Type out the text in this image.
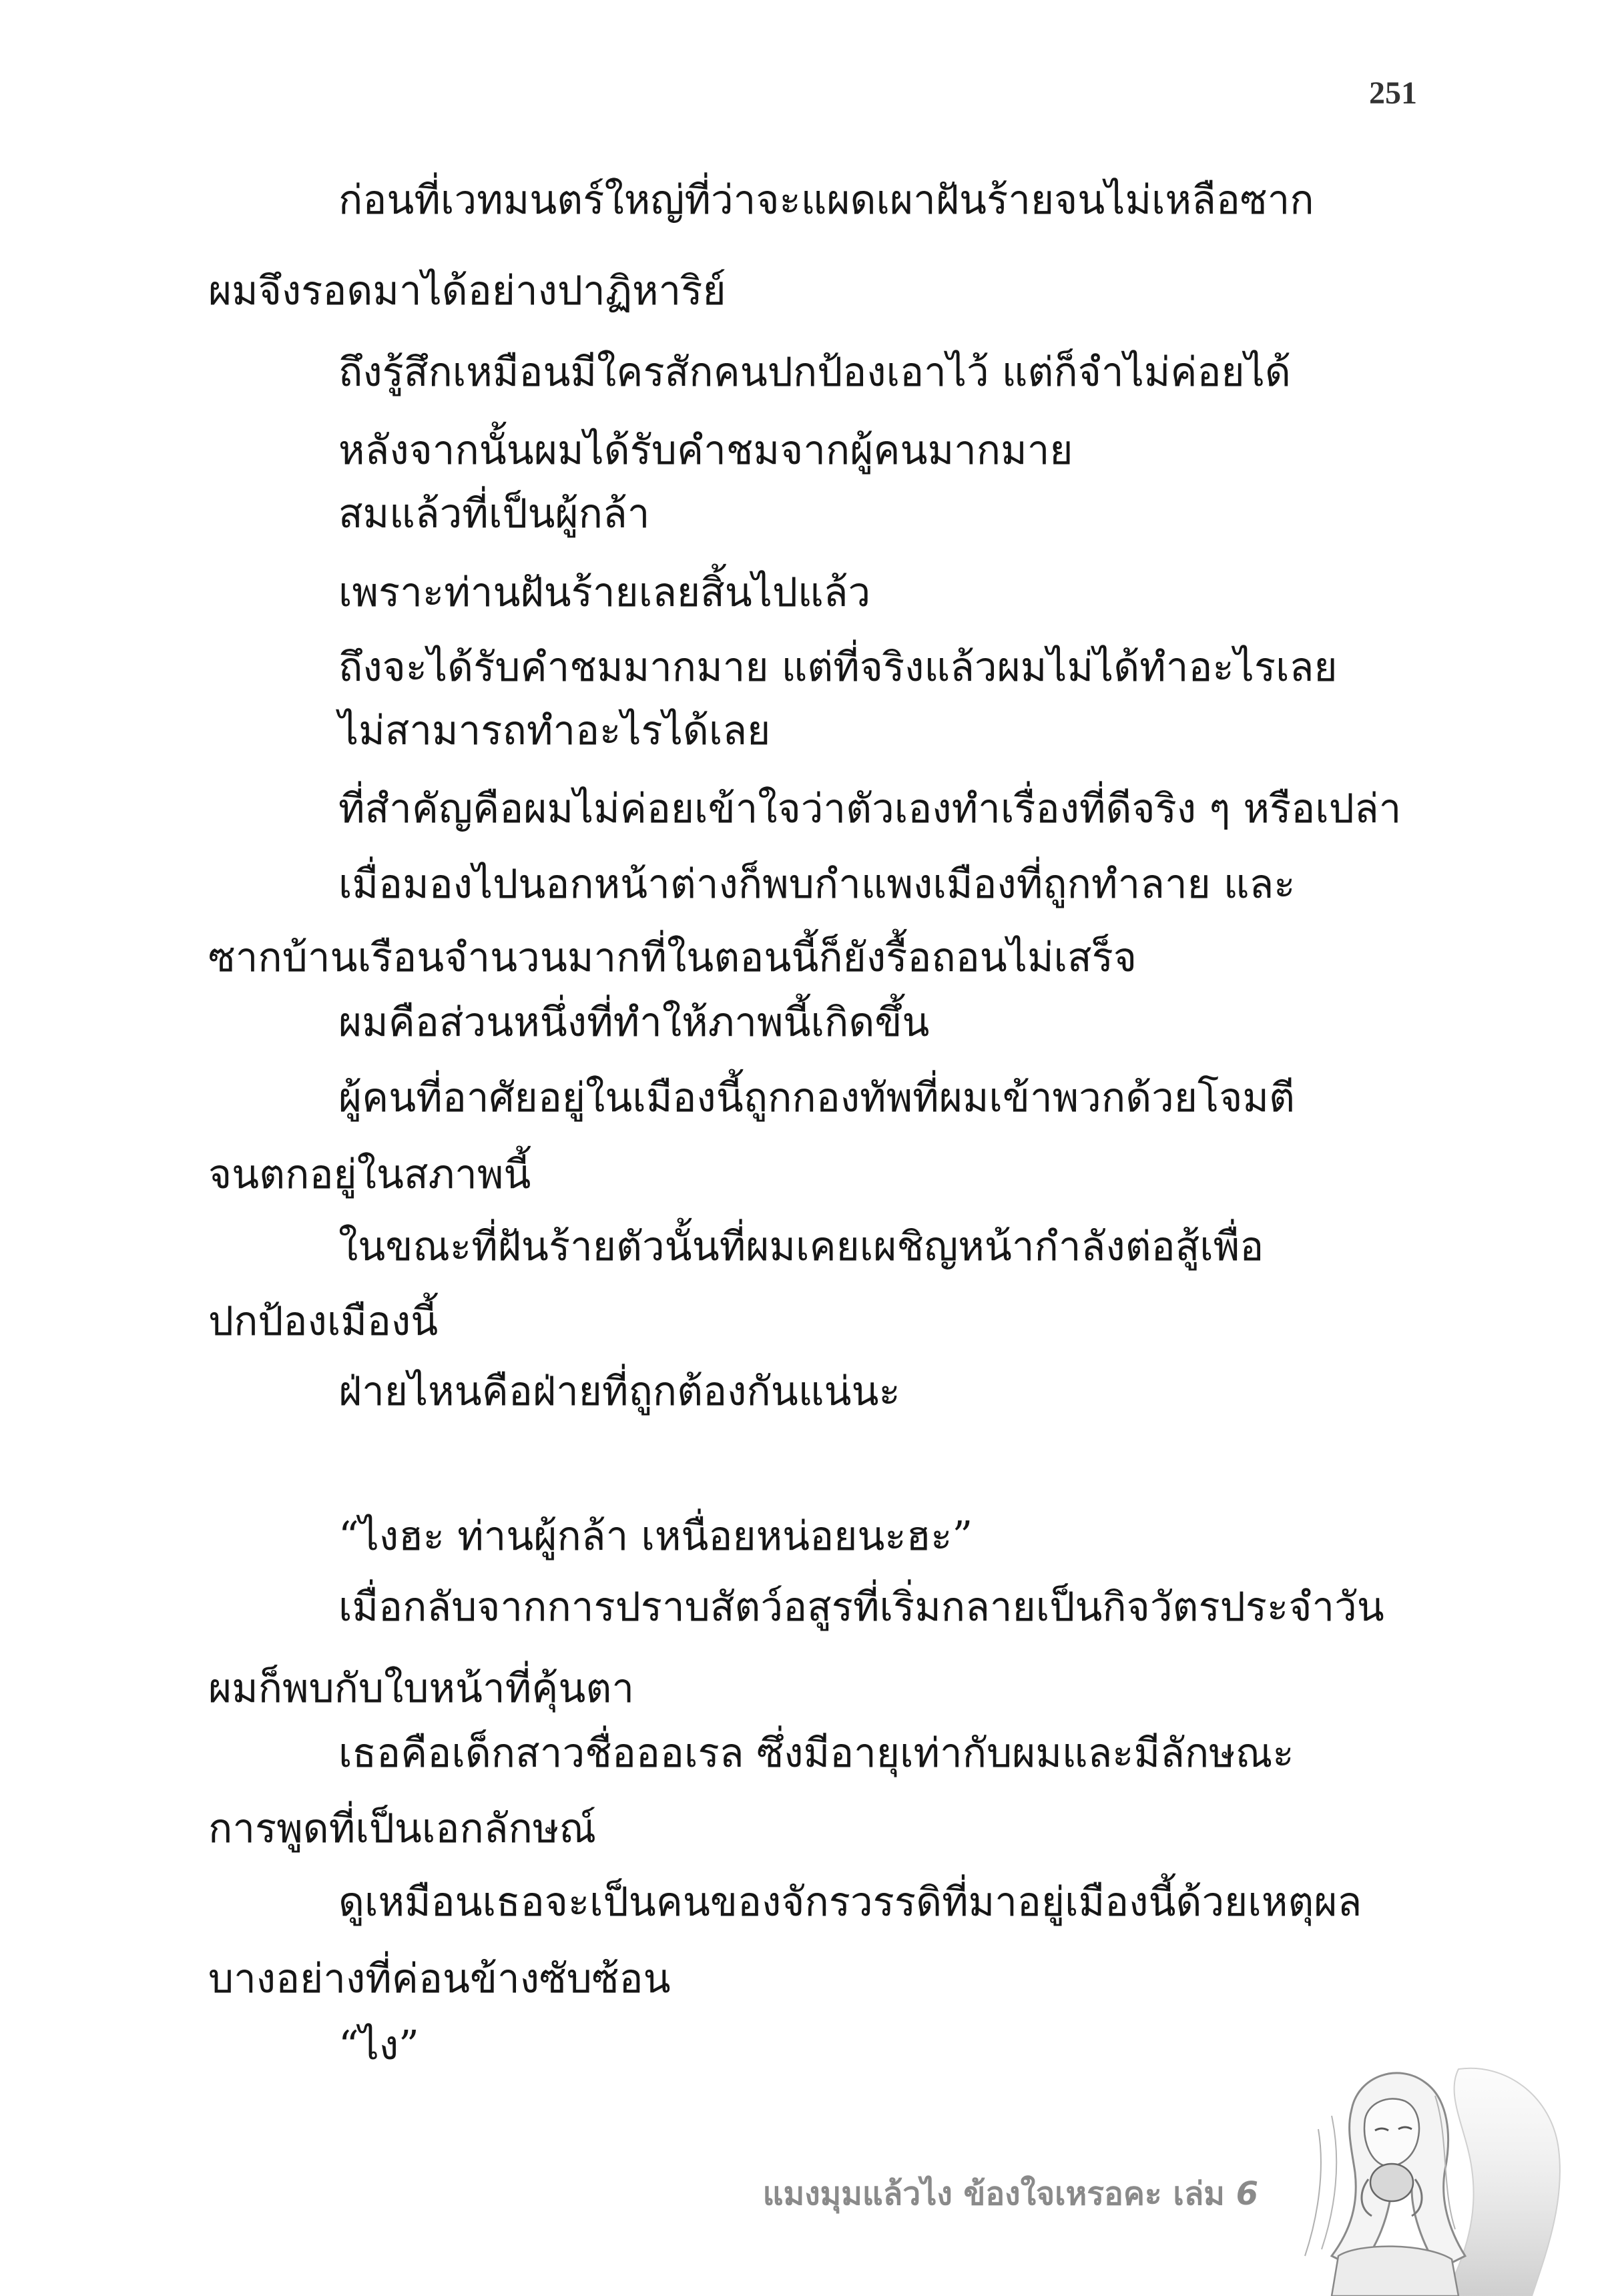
251
ก่อนที่เวทมนตร์ใหญ่ที่ว่าจะแผดเผาฝันร้ายจนไม่เหลือซาก
ผมจึงรอดมาได้อย่างปาฏิหาริย์
ถึงรู้สึกเหมือนมีใครสักคนปกป้องเอาไว้ แต่ก็จำไม่ค่อยได้
หลังจากนั้นผมได้รับคำชมจากผู้คนมากมาย
สมแล้วที่เป็นผู้กล้า
เพราะท่านฝันร้ายเลยสิ้นไปแล้ว
ถึงจะได้รับคำชมมากมาย แต่ที่จริงแล้วผมไม่ได้ทำอะไรเลย
ไม่สามารถทำอะไรได้เลย
ที่สำคัญคือผมไม่ค่อยเข้าใจว่าตัวเองทำเรื่องที่ดีจริง ๆ หรือเปล่า
เมื่อมองไปนอกหน้าต่างก็พบกำแพงเมืองที่ถูกทำลาย และ
ซากบ้านเรือนจำนวนมากที่ในตอนนี้ก็ยังรื้อถอนไม่เสร็จ
ผมคือส่วนหนึ่งที่ทำให้ภาพนี้เกิดขึ้น
ผู้คนที่อาศัยอยู่ในเมืองนี้ถูกกองทัพที่ผมเข้าพวกด้วยโจมตี
จนตกอยู่ในสภาพนี้
ในขณะที่ฝันร้ายตัวนั้นที่ผมเคยเผชิญหน้ากำลังต่อสู้เพื่อ
ปกป้องเมืองนี้
ฝ่ายไหนคือฝ่ายที่ถูกต้องกันแน่นะ
“ไงฮะ ท่านผู้กล้า เหนื่อยหน่อยนะฮะ”
เมื่อกลับจากการปราบสัตว์อสูรที่เริ่มกลายเป็นกิจวัตรประจำวัน
ผมก็พบกับใบหน้าที่คุ้นตา
เธอคือเด็กสาวชื่อออเรล ซึ่งมีอายุเท่ากับผมและมีลักษณะ
การพูดที่เป็นเอกลักษณ์
ดูเหมือนเธอจะเป็นคนของจักรวรรดิที่มาอยู่เมืองนี้ด้วยเหตุผล
บางอย่างที่ค่อนข้างซับซ้อน
“ไง”
แมงมุมแล้วไง ข้องใจเหรอคะ เล่ม 6
